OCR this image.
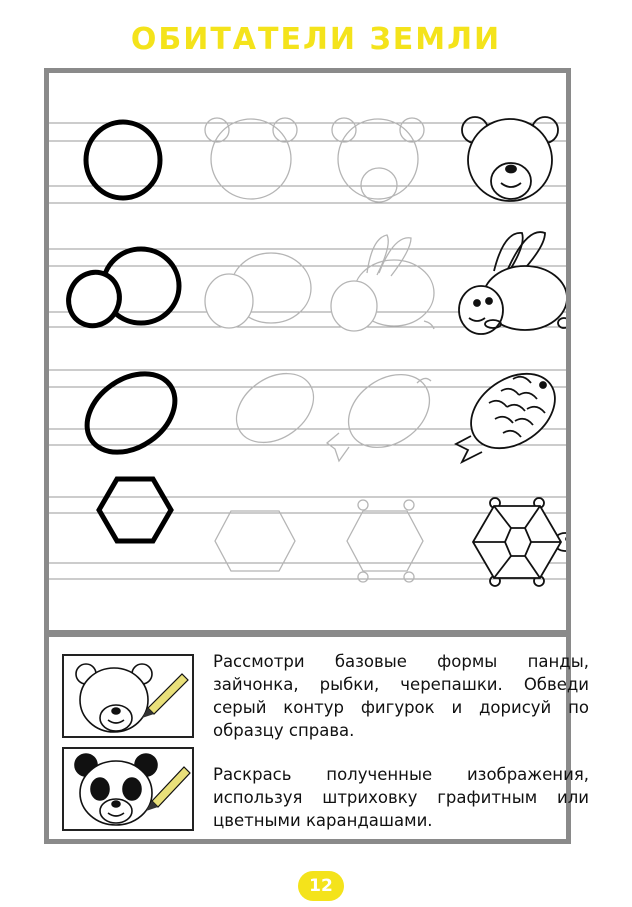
ОБИТАТЕЛИ ЗЕМЛИ
Рассмотри базовые формы панды, зайчонка, рыбки, черепашки. Обведи серый контур фигурок и дорисуй по образцу справа.
Раскрась полученные изображения, используя штриховку графитным или цветными карандашами.
12
